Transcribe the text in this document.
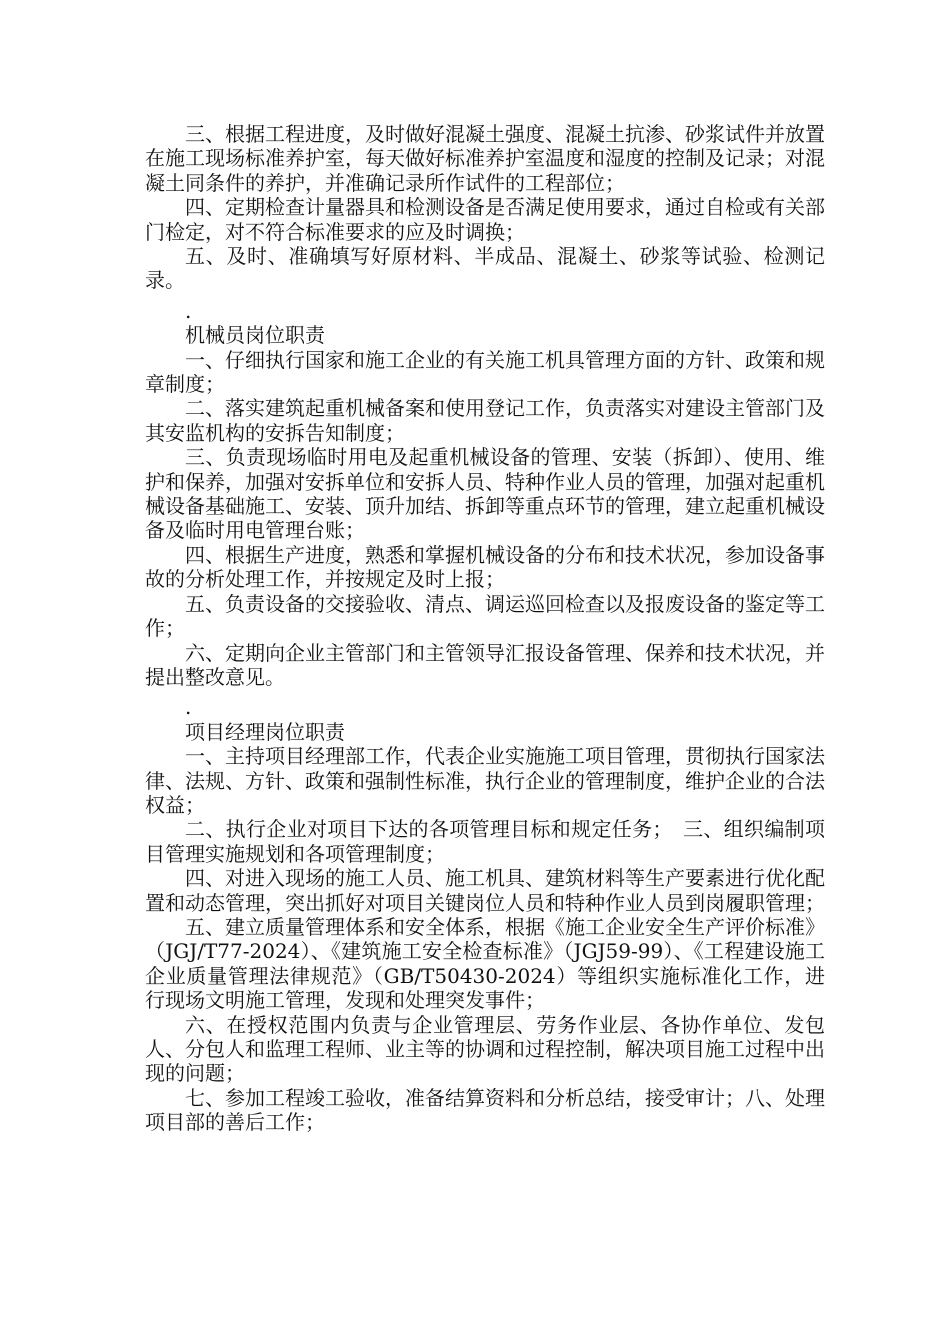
三、根据工程进度，及时做好混凝土强度、混凝土抗渗、砂浆试件并放置在施工现场标准养护室，每天做好标准养护室温度和湿度的控制及记录；对混凝土同条件的养护，并准确记录所作试件的工程部位；

四、定期检查计量器具和检测设备是否满足使用要求，通过自检或有关部门检定，对不符合标准要求的应及时调换；

五、及时、准确填写好原材料、半成品、混凝土、砂浆等试验、检测记录。

.

机械员岗位职责

一、仔细执行国家和施工企业的有关施工机具管理方面的方针、政策和规章制度；

二、落实建筑起重机械备案和使用登记工作，负责落实对建设主管部门及其安监机构的安拆告知制度；

三、负责现场临时用电及起重机械设备的管理、安装（拆卸）、使用、维护和保养，加强对安拆单位和安拆人员、特种作业人员的管理，加强对起重机械设备基础施工、安装、顶升加结、拆卸等重点环节的管理，建立起重机械设备及临时用电管理台账；

四、根据生产进度，熟悉和掌握机械设备的分布和技术状况，参加设备事故的分析处理工作，并按规定及时上报；

五、负责设备的交接验收、清点、调运巡回检查以及报废设备的鉴定等工作；

六、定期向企业主管部门和主管领导汇报设备管理、保养和技术状况，并提出整改意见。

.

项目经理岗位职责

一、主持项目经理部工作，代表企业实施施工项目管理，贯彻执行国家法律、法规、方针、政策和强制性标准，执行企业的管理制度，维护企业的合法权益；

二、执行企业对项目下达的各项管理目标和规定任务；　三、组织编制项目管理实施规划和各项管理制度；

四、对进入现场的施工人员、施工机具、建筑材料等生产要素进行优化配置和动态管理，突出抓好对项目关键岗位人员和特种作业人员到岗履职管理；

五、建立质量管理体系和安全体系，根据《施工企业安全生产评价标准》（JGJ/T77-2024）、《建筑施工安全检查标准》（JGJ59-99）、《工程建设施工企业质量管理法律规范》（GB/T50430-2024）等组织实施标准化工作，进行现场文明施工管理，发现和处理突发事件；

六、在授权范围内负责与企业管理层、劳务作业层、各协作单位、发包人、分包人和监理工程师、业主等的协调和过程控制，解决项目施工过程中出现的问题；

七、参加工程竣工验收，准备结算资料和分析总结，接受审计；八、处理项目部的善后工作；
